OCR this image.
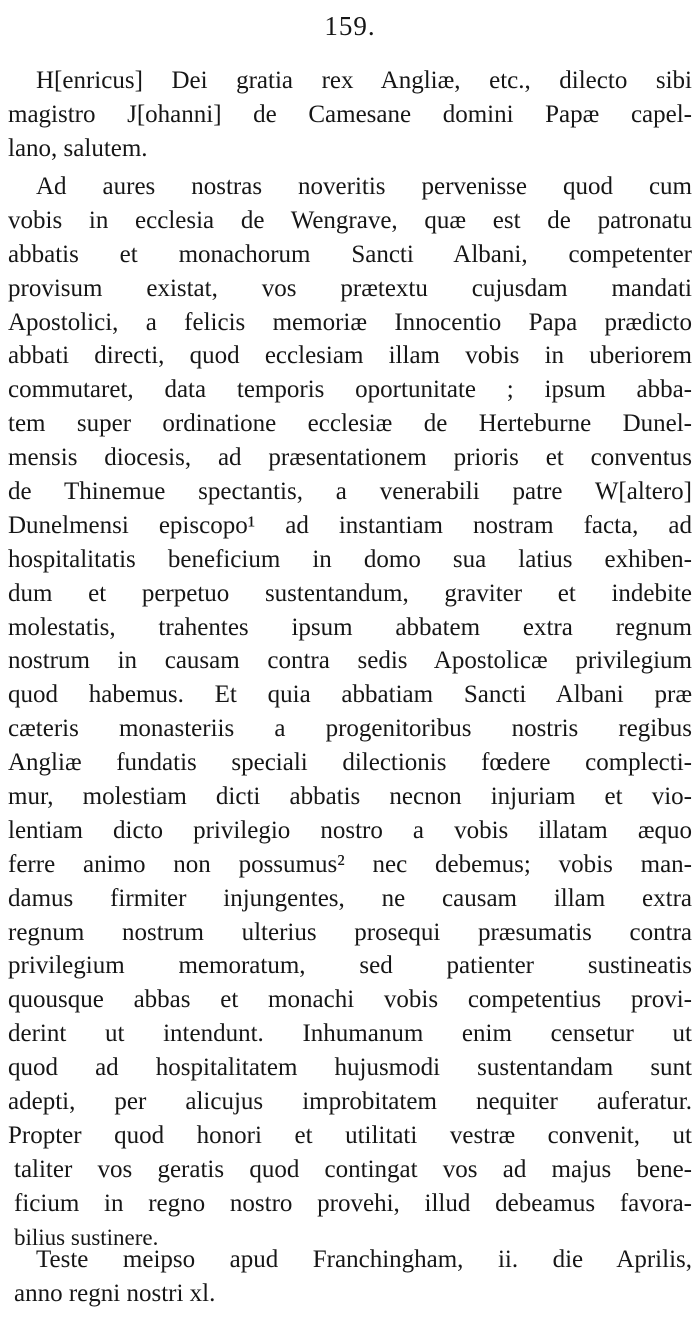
159.
H[enricus] Dei gratia rex Angliæ, etc., dilecto sibi
magistro J[ohanni] de Camesane domini Papæ capel-
lano, salutem.
Ad aures nostras noveritis pervenisse quod cum
vobis in ecclesia de Wengrave, quæ est de patronatu
abbatis et monachorum Sancti Albani, competenter
provisum existat, vos prætextu cujusdam mandati
Apostolici, a felicis memoriæ Innocentio Papa prædicto
abbati directi, quod ecclesiam illam vobis in uberiorem
commutaret, data temporis oportunitate ; ipsum abba-
tem super ordinatione ecclesiæ de Herteburne Dunel-
mensis diocesis, ad præsentationem prioris et conventus
de Thinemue spectantis, a venerabili patre W[altero]
Dunelmensi episcopo¹ ad instantiam nostram facta, ad
hospitalitatis beneficium in domo sua latius exhiben-
dum et perpetuo sustentandum, graviter et indebite
molestatis, trahentes ipsum abbatem extra regnum
nostrum in causam contra sedis Apostolicæ privilegium
quod habemus. Et quia abbatiam Sancti Albani præ
cæteris monasteriis a progenitoribus nostris regibus
Angliæ fundatis speciali dilectionis fœdere complecti-
mur, molestiam dicti abbatis necnon injuriam et vio-
lentiam dicto privilegio nostro a vobis illatam æquo
ferre animo non possumus² nec debemus; vobis man-
damus firmiter injungentes, ne causam illam extra
regnum nostrum ulterius prosequi præsumatis contra
privilegium memoratum, sed patienter sustineatis
quousque abbas et monachi vobis competentius provi-
derint ut intendunt. Inhumanum enim censetur ut
quod ad hospitalitatem hujusmodi sustentandam sunt
adepti, per alicujus improbitatem nequiter auferatur.
Propter quod honori et utilitati vestræ convenit, ut
taliter vos geratis quod contingat vos ad majus bene-
ficium in regno nostro provehi, illud debeamus favora-
bilius sustinere.
Teste meipso apud Franchingham, ii. die Aprilis,
anno regni nostri xl.
